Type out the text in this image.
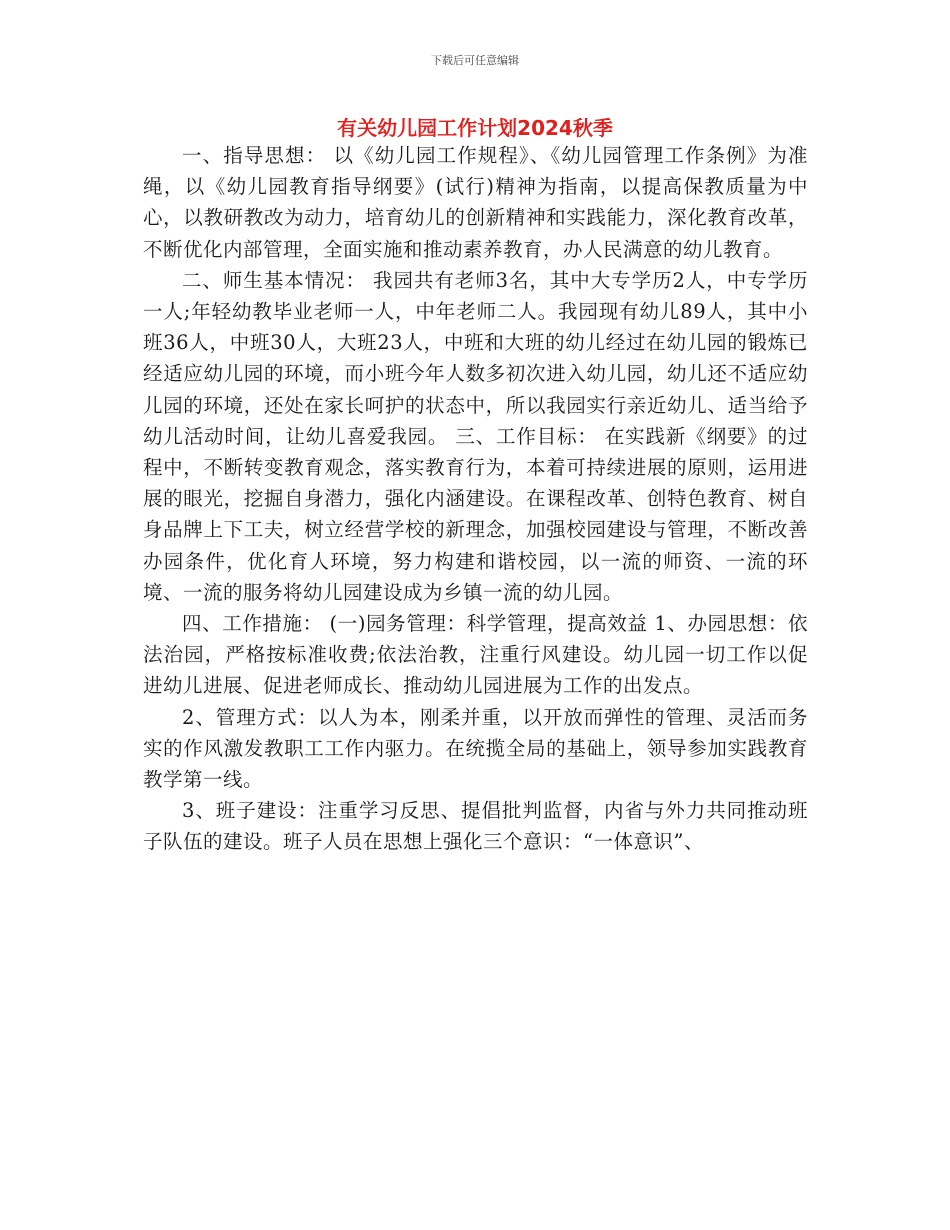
下载后可任意编辑
有关幼儿园工作计划2024秋季

一、指导思想： 以《幼儿园工作规程》、《幼儿园管理工作条例》为准绳，以《幼儿园教育指导纲要》(试行)精神为指南，以提高保教质量为中心，以教研教改为动力，培育幼儿的创新精神和实践能力，深化教育改革，不断优化内部管理，全面实施和推动素养教育，办人民满意的幼儿教育。

二、师生基本情况： 我园共有老师3名，其中大专学历2人，中专学历一人;年轻幼教毕业老师一人，中年老师二人。我园现有幼儿89人，其中小班36人，中班30人，大班23人，中班和大班的幼儿经过在幼儿园的锻炼已经适应幼儿园的环境，而小班今年人数多初次进入幼儿园，幼儿还不适应幼儿园的环境，还处在家长呵护的状态中，所以我园实行亲近幼儿、适当给予幼儿活动时间，让幼儿喜爱我园。 三、工作目标： 在实践新《纲要》的过程中，不断转变教育观念，落实教育行为，本着可持续进展的原则，运用进展的眼光，挖掘自身潜力，强化内涵建设。在课程改革、创特色教育、树自身品牌上下工夫，树立经营学校的新理念，加强校园建设与管理，不断改善办园条件，优化育人环境，努力构建和谐校园，以一流的师资、一流的环境、一流的服务将幼儿园建设成为乡镇一流的幼儿园。

四、工作措施： (一)园务管理：科学管理，提高效益 1、办园思想：依法治园，严格按标准收费;依法治教，注重行风建设。幼儿园一切工作以促进幼儿进展、促进老师成长、推动幼儿园进展为工作的出发点。

2、管理方式：以人为本，刚柔并重，以开放而弹性的管理、灵活而务实的作风激发教职工工作内驱力。在统揽全局的基础上，领导参加实践教育教学第一线。

3、班子建设：注重学习反思、提倡批判监督，内省与外力共同推动班子队伍的建设。班子人员在思想上强化三个意识：“一体意识”、
